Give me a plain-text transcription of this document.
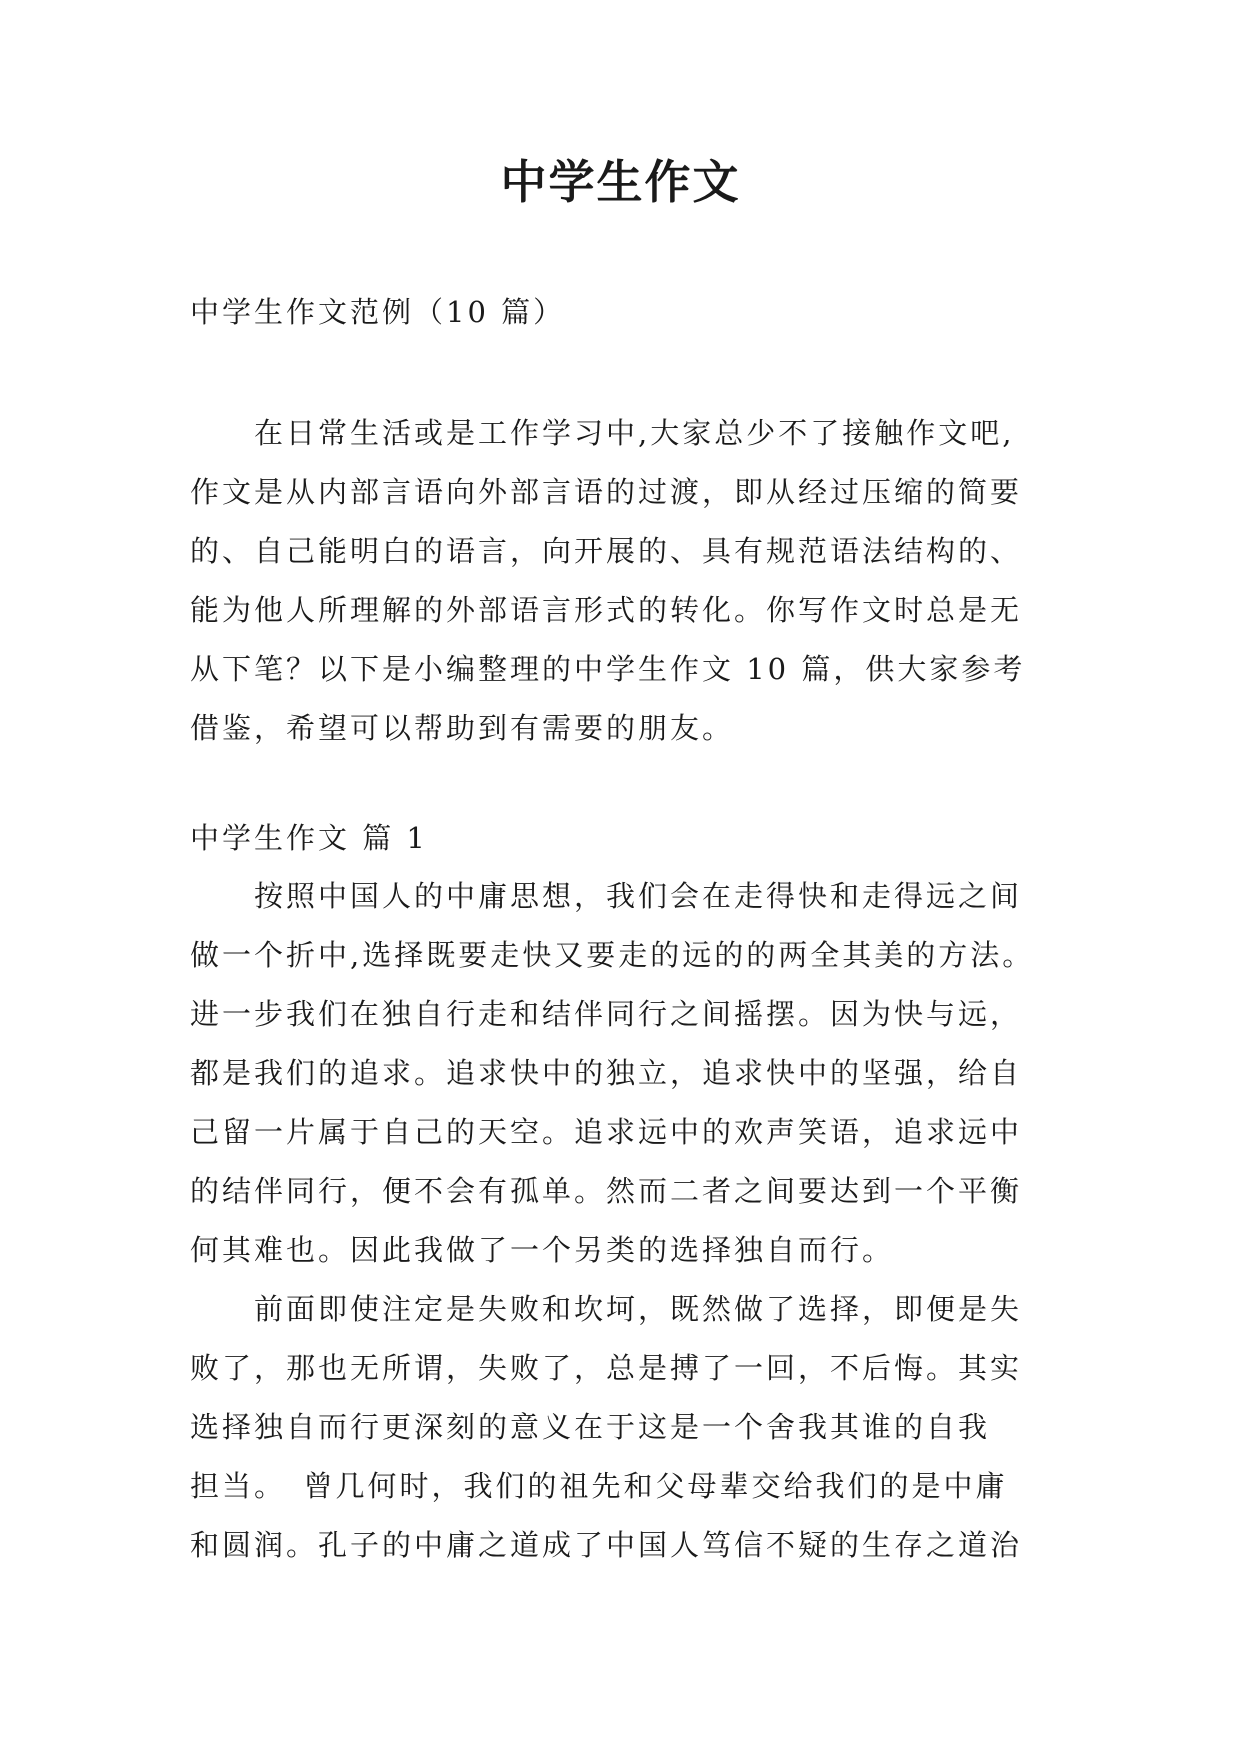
中学生作文

中学生作文范例（10 篇）

　　在日常生活或是工作学习中,大家总少不了接触作文吧,
作文是从内部言语向外部言语的过渡，即从经过压缩的简要
的、自己能明白的语言，向开展的、具有规范语法结构的、
能为他人所理解的外部语言形式的转化。你写作文时总是无
从下笔？以下是小编整理的中学生作文 10 篇，供大家参考
借鉴，希望可以帮助到有需要的朋友。
中学生作文 篇 1
　　按照中国人的中庸思想，我们会在走得快和走得远之间
做一个折中,选择既要走快又要走的远的的两全其美的方法。
进一步我们在独自行走和结伴同行之间摇摆。因为快与远，
都是我们的追求。追求快中的独立，追求快中的坚强，给自
己留一片属于自己的天空。追求远中的欢声笑语，追求远中
的结伴同行，便不会有孤单。然而二者之间要达到一个平衡
何其难也。因此我做了一个另类的选择独自而行。
　　前面即使注定是失败和坎坷，既然做了选择，即便是失
败了，那也无所谓，失败了，总是搏了一回，不后悔。其实
选择独自而行更深刻的意义在于这是一个舍我其谁的自我
担当。　曾几何时，我们的祖先和父母辈交给我们的是中庸
和圆润。孔子的中庸之道成了中国人笃信不疑的生存之道治
